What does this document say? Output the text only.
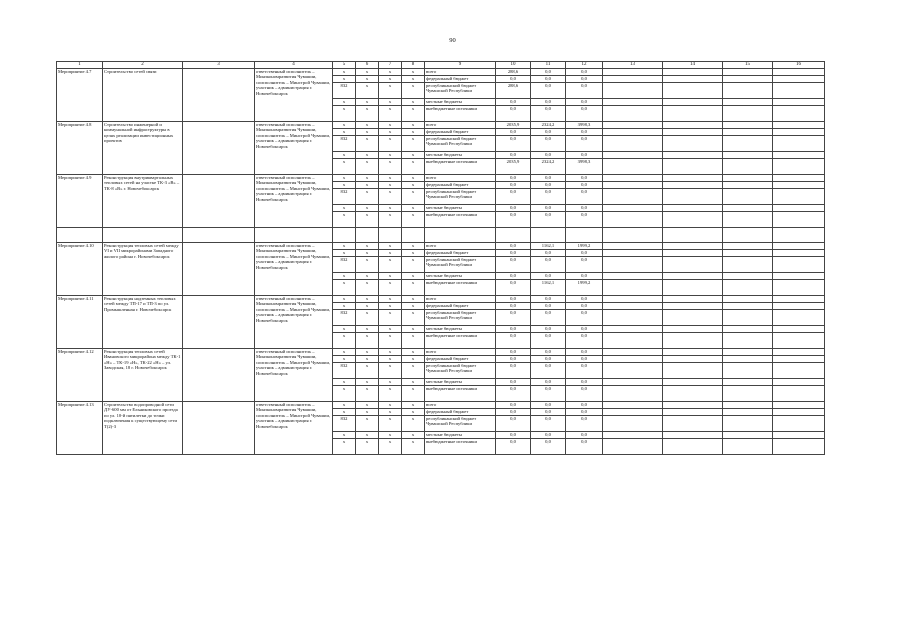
90
1	2	3	4	5	6	7	8	9	10	11	12	13	14	15	16
Мероприятие 4.7	Строительство сетей связи		ответственный исполнитель – Минэкономразвития Чувашии, соисполнитель – Минстрой Чувашии, участник – администрация г. Новочебоксарск	x	x	x	x	всего	288,6	0,0	0,0				
				x	x	x	x	федеральный бюджет	0,0	0,0	0,0				
				832	x	x	x	республиканский бюджет Чувашской Республики	288,6	0,0	0,0				
				x	x	x	x	местные бюджеты	0,0	0,0	0,0				
				x	x	x	x	внебюджетные источники	0,0	0,0	0,0				
Мероприятие 4.8	Строительство инженерной и коммунальной инфраструктуры в целях реализации инвестиционных проектов		ответственный исполнитель – Минэкономразвития Чувашии, соисполнитель – Минстрой Чувашии, участник – администрация г. Новочебоксарск	x	x	x	x	всего	2035,9	2324,2	3998,3				
				x	x	x	x	федеральный бюджет	0,0	0,0	0,0				
				832	x	x	x	республиканский бюджет Чувашской Республики	0,0	0,0	0,0				
				x	x	x	x	местные бюджеты	0,0	0,0	0,0				
				x	x	x	x	внебюджетные источники	2035,9	2324,2	3998,3				
Мероприятие 4.9	Реконструкция внутриквартальных тепловых сетей на участке ТК-3 «В» – ТК-8 «В» г. Новочебоксарск		ответственный исполнитель – Минэкономразвития Чувашии, соисполнитель – Минстрой Чувашии, участник – администрация г. Новочебоксарск	x	x	x	x	всего	0,0	0,0	0,0				
				x	x	x	x	федеральный бюджет	0,0	0,0	0,0				
				832	x	x	x	республиканский бюджет Чувашской Республики	0,0	0,0	0,0				
				x	x	x	x	местные бюджеты	0,0	0,0	0,0				
				x	x	x	x	внебюджетные источники	0,0	0,0	0,0				

Мероприятие 4.10	Реконструкция тепловых сетей между VI и VII микрорайонами Западного жилого района г. Новочебоксарск		ответственный исполнитель – Минэкономразвития Чувашии, соисполнитель – Минстрой Чувашии, участник – администрация г. Новочебоксарск	x	x	x	x	всего	0,0	1162,1	1999,2				
				x	x	x	x	федеральный бюджет	0,0	0,0	0,0				
				832	x	x	x	республиканский бюджет Чувашской Республики	0,0	0,0	0,0				
				x	x	x	x	местные бюджеты	0,0	0,0	0,0				
				x	x	x	x	внебюджетные источники	0,0	1162,1	1999,2				
Мероприятие 4.11	Реконструкция надземных тепловых сетей между ТП-17 и ТП-3 по ул. Промышленная г. Новочебоксарск		ответственный исполнитель – Минэкономразвития Чувашии, соисполнитель – Минстрой Чувашии, участник – администрация г. Новочебоксарск	x	x	x	x	всего	0,0	0,0	0,0				
				x	x	x	x	федеральный бюджет	0,0	0,0	0,0				
				832	x	x	x	республиканский бюджет Чувашской Республики	0,0	0,0	0,0				
				x	x	x	x	местные бюджеты	0,0	0,0	0,0				
				x	x	x	x	внебюджетные источники	0,0	0,0	0,0				
Мероприятие 4.12	Реконструкция тепловых сетей Ивановского микрорайона между ТК-1 «Н» – ТК-19 «Н», ТК-22 «Н» – ул. Заводская, 18 г. Новочебоксарск		ответственный исполнитель – Минэкономразвития Чувашии, соисполнитель – Минстрой Чувашии, участник – администрация г. Новочебоксарск	x	x	x	x	всего	0,0	0,0	0,0				
				x	x	x	x	федеральный бюджет	0,0	0,0	0,0				
				832	x	x	x	республиканский бюджет Чувашской Республики	0,0	0,0	0,0				
				x	x	x	x	местные бюджеты	0,0	0,0	0,0				
				x	x	x	x	внебюджетные источники	0,0	0,0	0,0				
Мероприятие 4.13	Строительство водопроводной сети ДУ-600 мм от Ельниковского проезда по ул. 10-й пятилетки до точки подключения к существующему сети Т(2)-3		ответственный исполнитель – Минэкономразвития Чувашии, соисполнитель – Минстрой Чувашии, участник – администрация г. Новочебоксарск	x	x	x	x	всего	0,0	0,0	0,0				
				x	x	x	x	федеральный бюджет	0,0	0,0	0,0				
				832	x	x	x	республиканский бюджет Чувашской Республики	0,0	0,0	0,0				
				x	x	x	x	местные бюджеты	0,0	0,0	0,0				
				x	x	x	x	внебюджетные источники	0,0	0,0	0,0				
